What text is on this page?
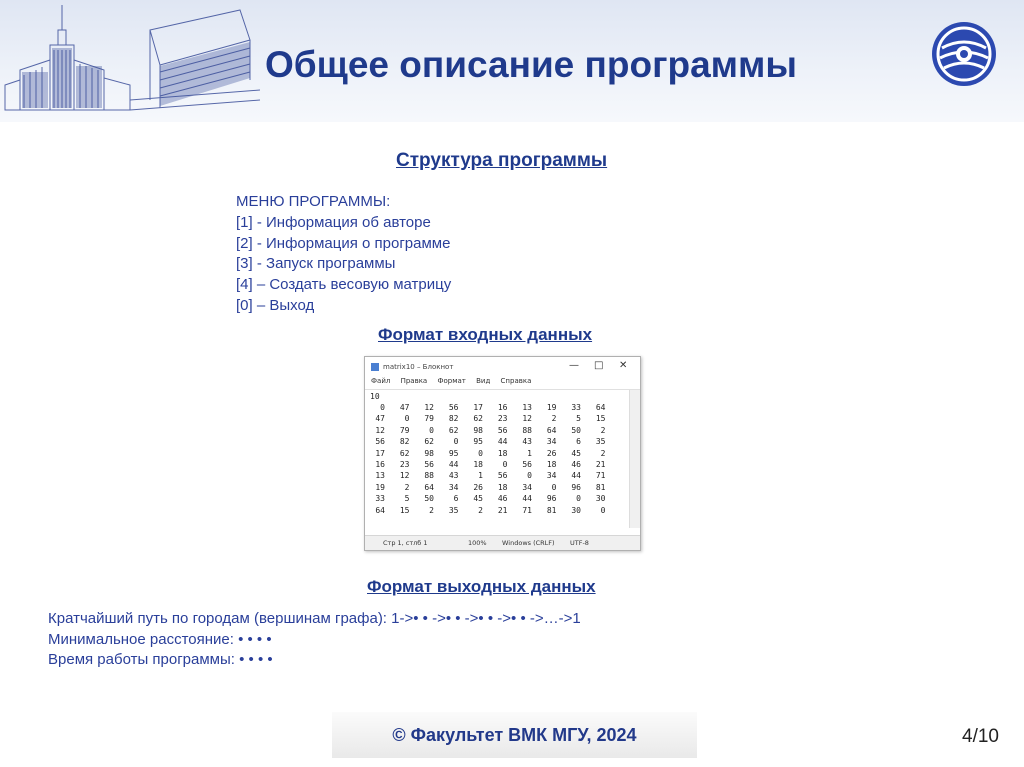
Общее описание программы
Структура программы
МЕНЮ ПРОГРАММЫ:
[1] - Информация об авторе
[2] - Информация о программе
[3] - Запуск программы
[4] – Создать весовую матрицу
[0] – Выход
Формат входных данных
matrix10 – Блокнот	— □ ✕
Файл Правка Формат Вид Справка
10
0	47	12	56	17	16	13	19	33	64
47	0	79	82	62	23	12	2	5	15
12	79	0	62	98	56	88	64	50	2
56	82	62	0	95	44	43	34	6	35
17	62	98	95	0	18	1	26	45	2
16	23	56	44	18	0	56	18	46	21
13	12	88	43	1	56	0	34	44	71
19	2	64	34	26	18	34	0	96	81
33	5	50	6	45	46	44	96	0	30
64	15	2	35	2	21	71	81	30	0
Стр 1, стлб 1	100% Windows (CRLF) UTF-8
Формат выходных данных
Кратчайший путь по городам (вершинам графа): 1->• • ->• • ->• • ->• • ->…->1
Минимальное расстояние: • • • •
Время работы программы: • • • •
© Факультет ВМК МГУ, 2024	4/10
